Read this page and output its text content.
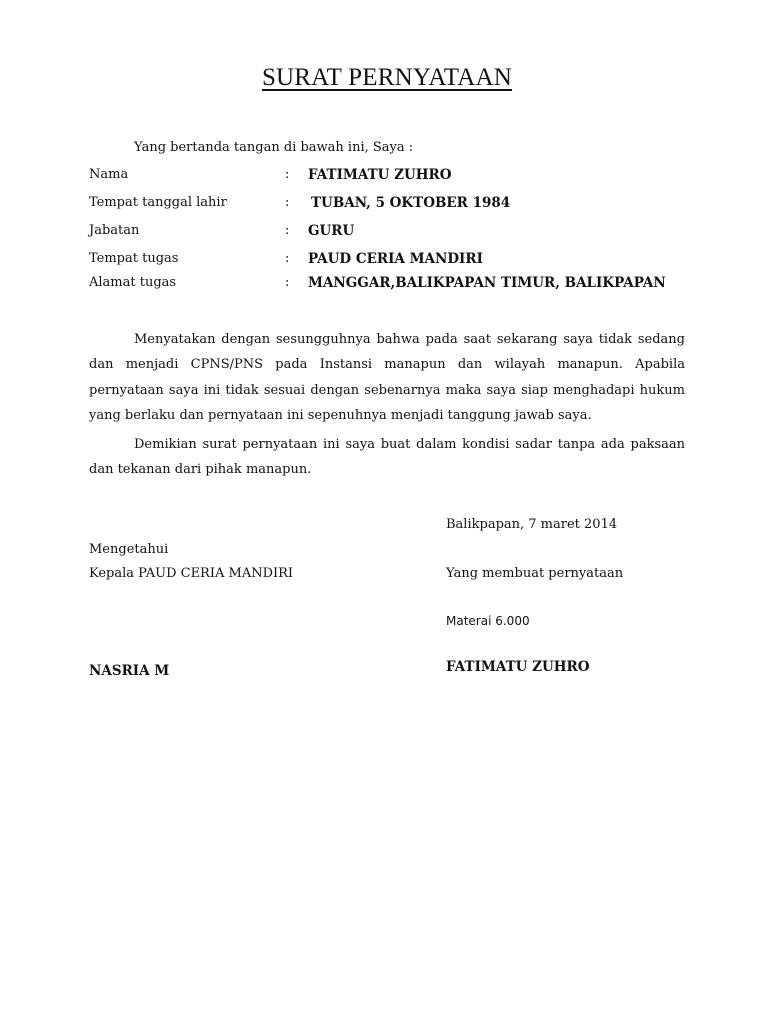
SURAT PERNYATAAN
Yang bertanda tangan di bawah ini, Saya :
Nama	: FATIMATU ZUHRO
Tempat tanggal lahir	: TUBAN, 5 OKTOBER 1984
Jabatan	: GURU
Tempat tugas	: PAUD CERIA MANDIRI
Alamat tugas	: MANGGAR,BALIKPAPAN TIMUR, BALIKPAPAN

Menyatakan dengan sesungguhnya bahwa pada saat sekarang saya tidak sedang dan menjadi CPNS/PNS pada Instansi manapun dan wilayah manapun. Apabila pernyataan saya ini tidak sesuai dengan sebenarnya maka saya siap menghadapi hukum yang berlaku dan pernyataan ini sepenuhnya menjadi tanggung jawab saya.

Demikian surat pernyataan ini saya buat dalam kondisi sadar tanpa ada paksaan dan tekanan dari pihak manapun.

Balikpapan, 7 maret 2014
Mengetahui
Kepala PAUD CERIA MANDIRI	Yang membuat pernyataan
Materai 6.000
NASRIA M	FATIMATU ZUHRO
